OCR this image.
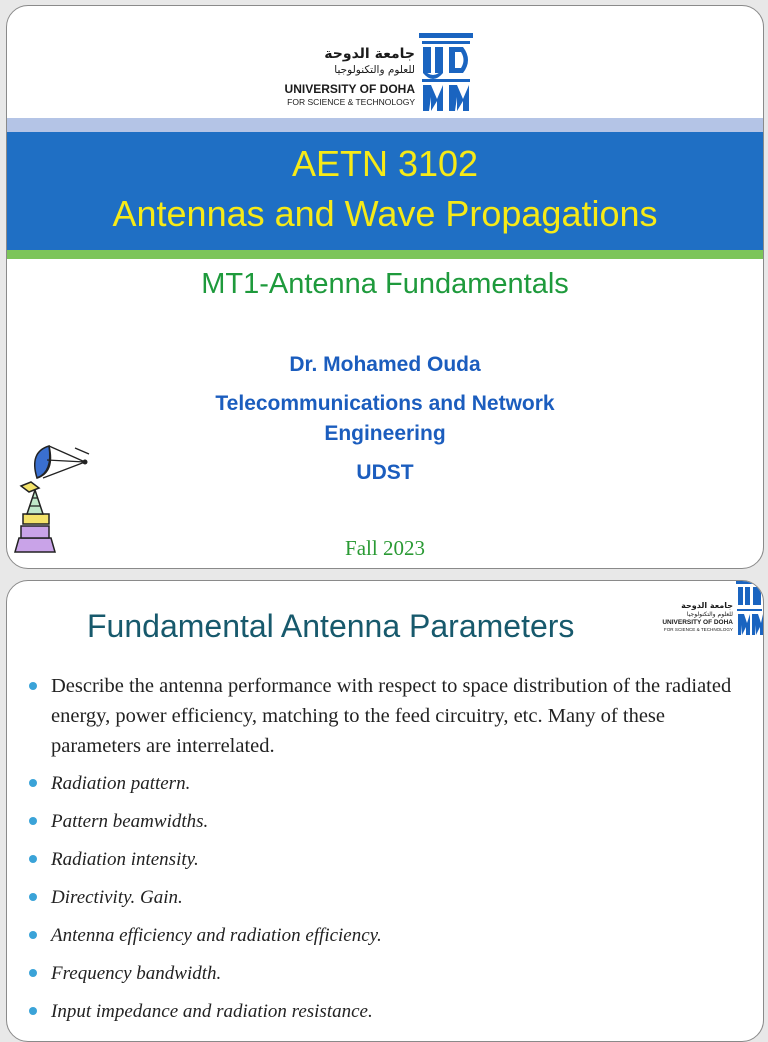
جامعة الدوحة
للعلوم والتكنولوجيا
UNIVERSITY OF DOHA
FOR SCIENCE & TECHNOLOGY
AETN 3102
Antennas and Wave Propagations
MT1-Antenna Fundamentals
Dr. Mohamed Ouda
Telecommunications and Network
Engineering
UDST
Fall 2023
Fundamental Antenna Parameters
جامعة الدوحة
للعلوم والتكنولوجيا
UNIVERSITY OF DOHA
FOR SCIENCE & TECHNOLOGY
Describe the antenna performance with respect to space distribution of the radiated energy, power efficiency, matching to the feed circuitry, etc. Many of these parameters are interrelated.
Radiation pattern.
Pattern beamwidths.
Radiation intensity.
Directivity. Gain.
Antenna efficiency and radiation efficiency.
Frequency bandwidth.
Input impedance and radiation resistance.
